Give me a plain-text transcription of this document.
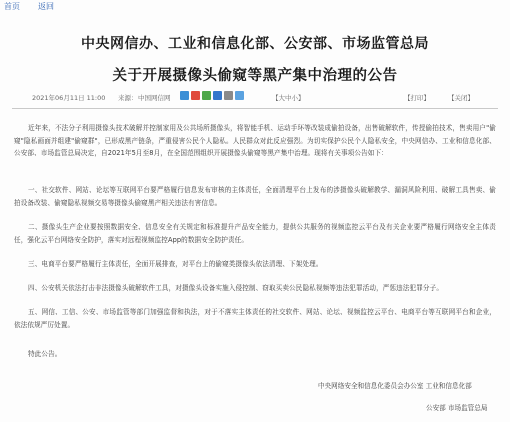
首页 返回
中央网信办、工业和信息化部、公安部、市场监管总局
关于开展摄像头偷窥等黑产集中治理的公告
2021年06月11日 11:00 来源： 中国网信网	【大中小】	【打印】	【关闭】

近年来，不法分子利用摄像头技术破解并控制家用及公共场所摄像头，将智能手机、运动手环等改装成偷拍设备，出售破解软件，传授偷拍技术，售卖用户"偷窥"隐私画面并组建"偷窥群"，已形成黑产链条，严重侵害公民个人隐私。人民群众对此反应强烈。为切实保护公民个人隐私安全，中央网信办、工业和信息化部、公安部、市场监管总局决定，自2021年5月至8月，在全国范围组织开展摄像头偷窥等黑产集中治理。现将有关事项公告如下：

一、社交软件、网站、论坛等互联网平台要严格履行信息发布审核的主体责任，全面清理平台上发布的涉摄像头破解教学、漏洞风险利用、破解工具售卖、偷拍设备改装、偷窥隐私视频交易等摄像头偷窥黑产相关违法有害信息。

二、摄像头生产企业要按照数据安全、信息安全有关规定和标准提升产品安全能力，提供公共服务的视频监控云平台及有关企业要严格履行网络安全主体责任，强化云平台网络安全防护，落实对远程视频监控App的数据安全防护责任。

三、电商平台要严格履行主体责任，全面开展排查，对平台上的偷窥类摄像头依法清理、下架处理。

四、公安机关依法打击非法摄像头破解软件工具，对摄像头设备实施入侵控制、窃取买卖公民隐私视频等违法犯罪活动，严惩违法犯罪分子。

五、网信、工信、公安、市场监管等部门加强监督和执法，对于不落实主体责任的社交软件、网站、论坛、视频监控云平台、电商平台等互联网平台和企业，依法依规严厉处置。

特此公告。

中央网络安全和信息化委员会办公室 工业和信息化部
公安部 市场监管总局
